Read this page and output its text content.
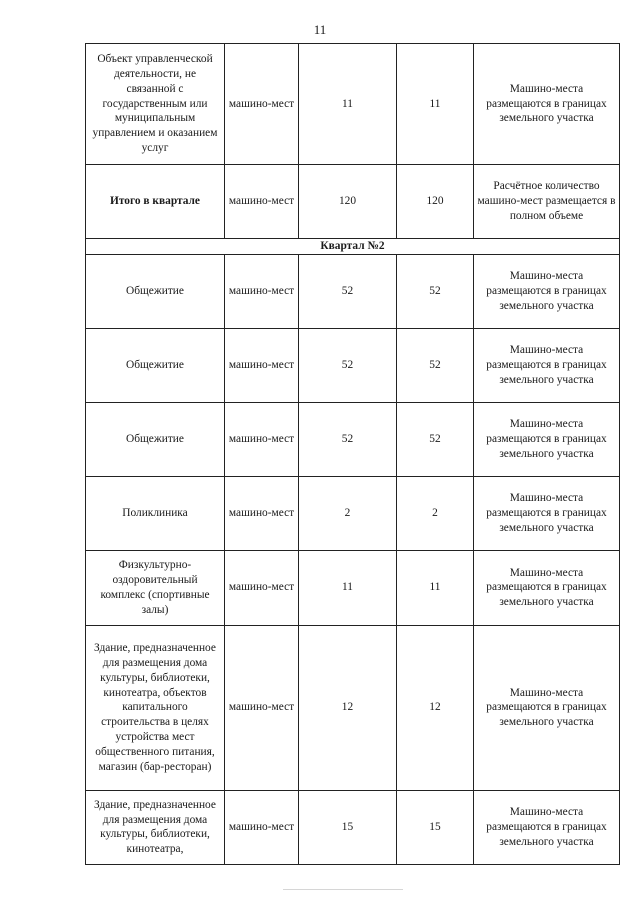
11
Объект управленческой деятельности, не связанной с государственным или муниципальным управлением и оказанием услуг	машино-мест	11	11	Машино-места размещаются в границах земельного участка
Итого в квартале	машино-мест	120	120	Расчётное количество машино-мест размещается в полном объеме
Квартал №2				
Общежитие	машино-мест	52	52	Машино-места размещаются в границах земельного участка
Общежитие	машино-мест	52	52	Машино-места размещаются в границах земельного участка
Общежитие	машино-мест	52	52	Машино-места размещаются в границах земельного участка
Поликлиника	машино-мест	2	2	Машино-места размещаются в границах земельного участка
Физкультурно-оздоровительный комплекс (спортивные залы)	машино-мест	11	11	Машино-места размещаются в границах земельного участка
Здание, предназначенное для размещения дома культуры, библиотеки, кинотеатра, объектов капитального строительства в целях устройства мест общественного питания, магазин (бар-ресторан)	машино-мест	12	12	Машино-места размещаются в границах земельного участка
Здание, предназначенное для размещения дома культуры, библиотеки, кинотеатра,	машино-мест	15	15	Машино-места размещаются в границах земельного участка
